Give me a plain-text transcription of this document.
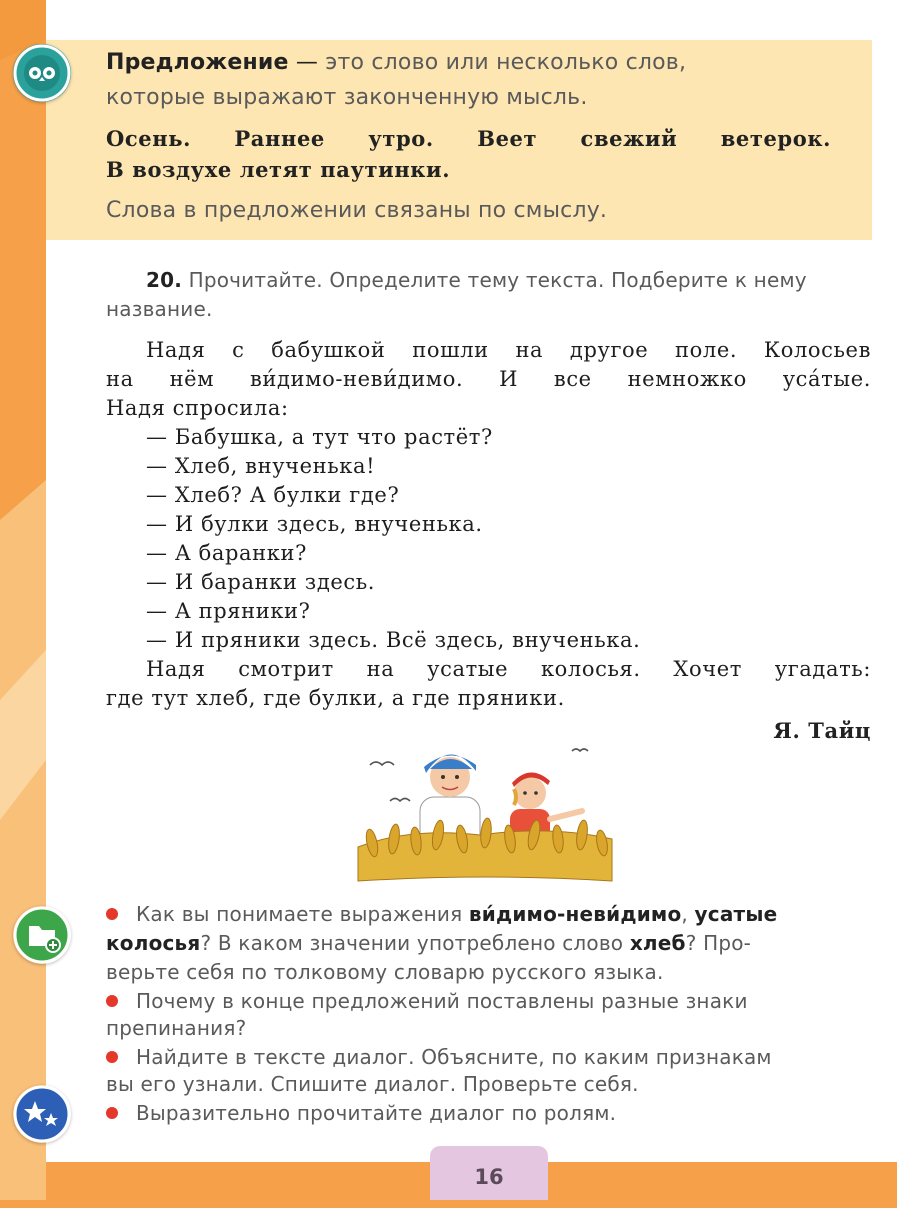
Предложение — это слово или несколько слов,
которые выражают законченную мысль.
Осень. Раннее утро. Веет свежий ветерок.
В воздухе летят паутинки.
Слова в предложении связаны по смыслу.
20. Прочитайте. Определите тему текста. Подберите к нему
название.
Надя с бабушкой пошли на другое поле. Колосьев
на нём ви́димо-неви́димо. И все немножко уса́тые.
Надя спросила:
— Бабушка, а тут что растёт?
— Хлеб, внученька!
— Хлеб? А булки где?
— И булки здесь, внученька.
— А баранки?
— И баранки здесь.
— А пряники?
— И пряники здесь. Всё здесь, внученька.
Надя смотрит на усатые колосья. Хочет угадать:
где тут хлеб, где булки, а где пряники.
Я. Тайц
Как вы понимаете выражения ви́димо-неви́димо, усатые
колосья? В каком значении употреблено слово хлеб? Про-
верьте себя по толковому словарю русского языка.
Почему в конце предложений поставлены разные знаки
препинания?
Найдите в тексте диалог. Объясните, по каким признакам
вы его узнали. Спишите диалог. Проверьте себя.
Выразительно прочитайте диалог по ролям.
16
